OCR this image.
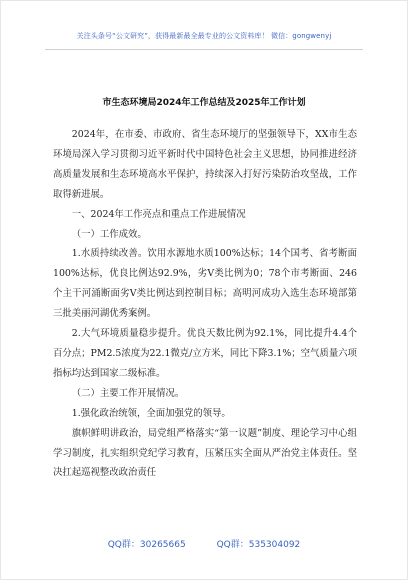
关注头条号“公文研究”，获得最新最全最专业的公文资料库！ 微信：gongwenyj
市生态环境局2024年工作总结及2025年工作计划

2024年，在市委、市政府、省生态环境厅的坚强领导下，XX市生态环境局深入学习贯彻习近平新时代中国特色社会主义思想，协同推进经济高质量发展和生态环境高水平保护，持续深入打好污染防治攻坚战，工作取得新进展。

一、2024年工作亮点和重点工作进展情况

（一）工作成效。

1.水质持续改善。饮用水源地水质100%达标；14个国考、省考断面100%达标，优良比例达92.9%，劣Ⅴ类比例为0；78个市考断面、246个主干河涌断面劣Ⅴ类比例达到控制目标；高明河成功入选生态环境部第三批美丽河湖优秀案例。

2.大气环境质量稳步提升。优良天数比例为92.1%，同比提升4.4个百分点；PM2.5浓度为22.1微克/立方米，同比下降3.1%；空气质量六项指标均达到国家二级标准。

（二）主要工作开展情况。

1.强化政治统领，全面加强党的领导。

旗帜鲜明讲政治，局党组严格落实“第一议题”制度、理论学习中心组学习制度，扎实组织党纪学习教育，压紧压实全面从严治党主体责任。坚决扛起巡视整改政治责任

QQ群：30265665	QQ群：535304092
